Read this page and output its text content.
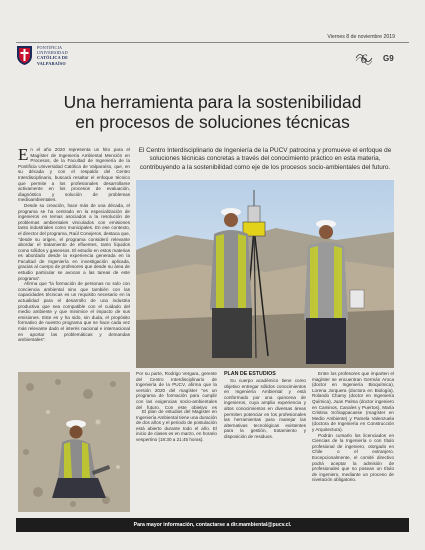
Viernes 8 de noviembre 2019
PONTIFICIA
UNIVERSIDAD
CATÓLICA DE
VALPARAÍSO	6 G9
Una herramienta para la sostenibilidad
en procesos de soluciones técnicas
El Centro Interdisciplinario de Ingeniería de la PUCV patrocina y promueve el enfoque de soluciones técnicas concretas a través del conocimiento práctico en esta materia, contribuyendo a la sostenibilidad como eje de los procesos socio-ambientales del futuro.

En el año 2020 representa un hito para el Magíster de Ingeniería Ambiental Mención en Procesos, de la Facultad de Ingeniería de la Pontificia Universidad Católica de Valparaíso, que, en su década y con el respaldo del Centro Interdisciplinario, buscará resaltar el enfoque técnico que permite a los profesionales desarrollarse activamente en los procesos de evaluación, diagnóstico y solución de problemas medioambientales.

Desde su creación, hace más de una década, el programa se ha centrado en la especialización de ingenieros en temas asociados a la resolución de problemas ambientales vinculados con emisiones tanto industriales como municipales. En ese contexto, el director del programa, Raúl Conejeros, destaca que, "desde su origen, el programa consideró relevante abordar el tratamiento de efluentes, tanto líquidos como sólidos y gaseosos. El estudio en estos materias es abordado desde la experiencia generada en la Facultad de Ingeniería en investigación aplicada, gracias al cuerpo de profesores que desde su área de estudio particular se avocan a las tareas de este programa".

Afirma que "la formación de personas no solo con conciencia ambiental sino que también con las capacidades técnicas es un requisito necesario en la actualidad para el desarrollo de una industria productiva que sea compatible con el cuidado del medio ambiente y que minimice el impacto de sus emisiones. Este es y ha sido, sin duda, el propósito formativo de nuestro programa que se hace cada vez más relevante dado el interés nacional e internacional en aportar las problemáticas y demandas ambientales".

Por su parte, Rodrigo Vergara, gerente del Centro Interdisciplinario de Ingeniería de la PUCV, afirma que la versión 2020 del magíster "es un programa de formación para cumplir con las exigencias socio-ambientales del futuro. Con este objetivo es

El plan de estudios del Magíster en Ingeniería Ambiental tiene una duración de dos años y el periodo de postulación está abierto durante todo el año. El inicio de clases es en marzo, en horario vespertino (18:30 a 21:45 horas).

PLAN DE ESTUDIOS

Su cuerpo académico tiene como objetivo entregar sólidos conocimientos en Ingeniería Ambiental y está conformado por una quincena de ingenieros, cuya amplia experiencia y altos conocimientos en diversas áreas permiten potenciar en los profesionales las herramientas para manejar las alternativas tecnológicas existentes para la gestión, tratamiento y disposición de residuos.

Entre los profesores que imparten el magíster se encuentran Germán Aroca (doctor en Ingeniería Bioquímica), Lorena Jorquera (doctora en Biología), Rolando Chamy (doctor en Ingeniería Química), Juan Palma (doctor ingeniero en Caminos, Canales y Puertos), María Cristina Schiappacasse (magíster en Medio Ambiente) y Pamela Valenzuela (doctora de Ingeniería en Construcción y Arquitectura).

Podrán cursarlo los licenciados en Ciencias de la Ingeniería o con título profesional de ingeniero, otorgado en Chile o el extranjero. Excepcionalmente, el comité directivo podrá aceptar la admisión de profesionales que no posean un título de ingeniero, mediante un proceso de nivelación obligatorio.

Para mayor información, contactarse a dir.mambiental@pucv.cl.
